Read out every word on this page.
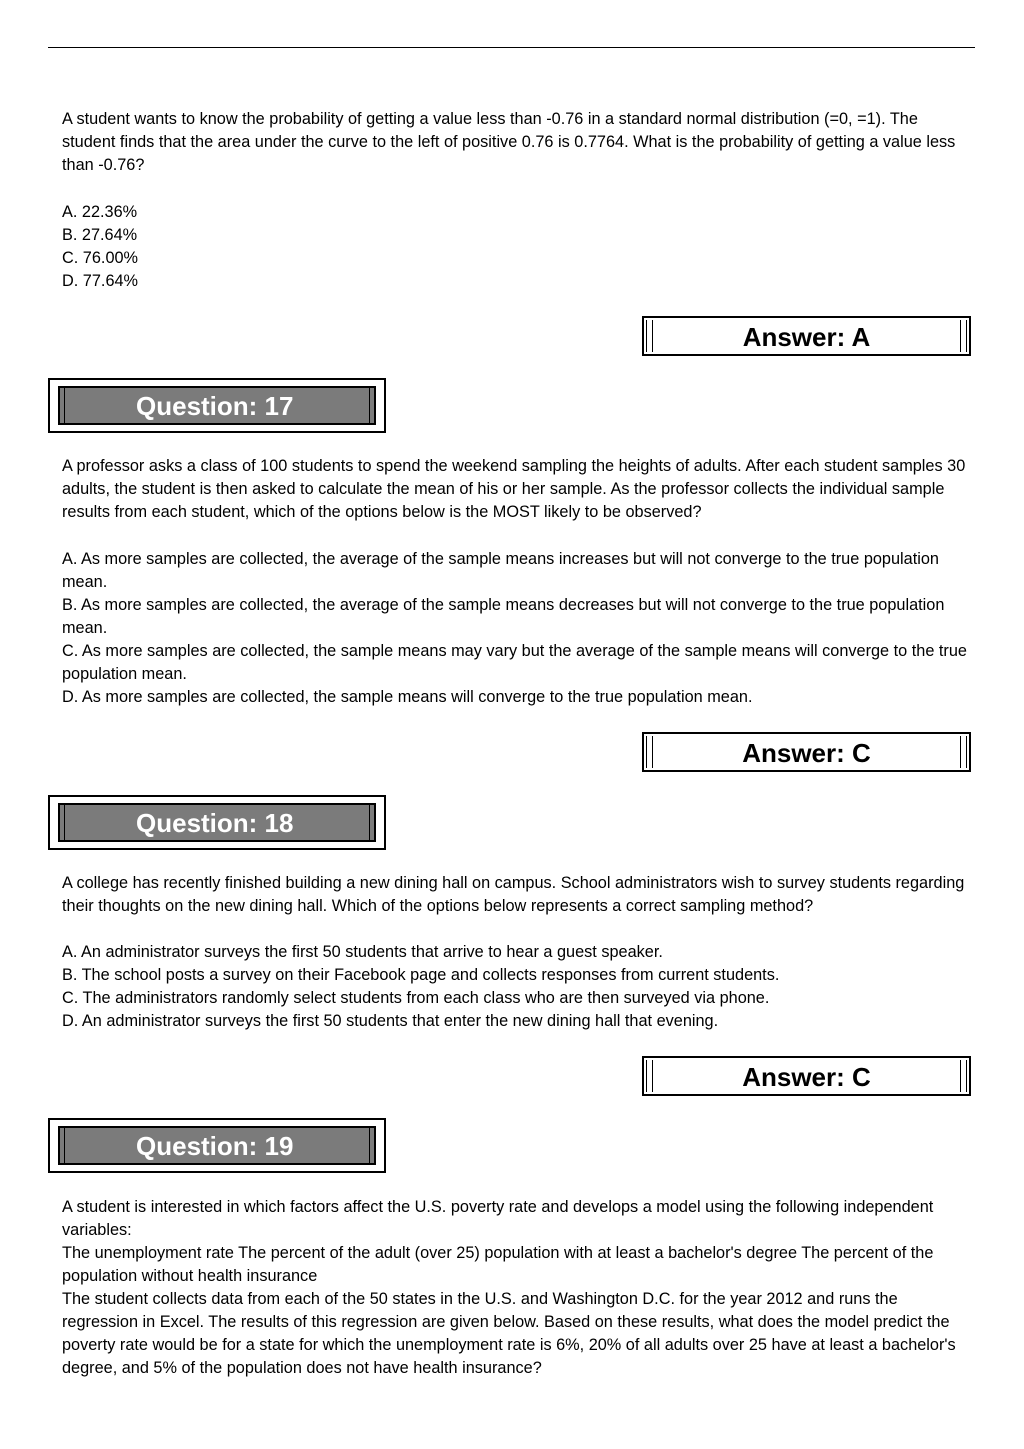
A student wants to know the probability of getting a value less than -0.76 in a standard normal distribution (=0, =1). The student finds that the area under the curve to the left of positive 0.76 is 0.7764. What is the probability of getting a value less than -0.76?

A. 22.36%
B. 27.64%
C. 76.00%
D. 77.64%
Answer: A
Question: 17

A professor asks a class of 100 students to spend the weekend sampling the heights of adults. After each student samples 30 adults, the student is then asked to calculate the mean of his or her sample. As the professor collects the individual sample results from each student, which of the options below is the MOST likely to be observed?

A. As more samples are collected, the average of the sample means increases but will not converge to the true population mean.
B. As more samples are collected, the average of the sample means decreases but will not converge to the true population mean.
C. As more samples are collected, the sample means may vary but the average of the sample means will converge to the true population mean.
D. As more samples are collected, the sample means will converge to the true population mean.
Answer: C
Question: 18

A college has recently finished building a new dining hall on campus. School administrators wish to survey students regarding their thoughts on the new dining hall. Which of the options below represents a correct sampling method?

A. An administrator surveys the first 50 students that arrive to hear a guest speaker.
B. The school posts a survey on their Facebook page and collects responses from current students.
C. The administrators randomly select students from each class who are then surveyed via phone.
D. An administrator surveys the first 50 students that enter the new dining hall that evening.
Answer: C
Question: 19
A student is interested in which factors affect the U.S. poverty rate and develops a model using the following independent variables:
The unemployment rate The percent of the adult (over 25) population with at least a bachelor's degree The percent of the population without health insurance
The student collects data from each of the 50 states in the U.S. and Washington D.C. for the year 2012 and runs the regression in Excel. The results of this regression are given below. Based on these results, what does the model predict the poverty rate would be for a state for which the unemployment rate is 6%, 20% of all adults over 25 have at least a bachelor's degree, and 5% of the population does not have health insurance?
